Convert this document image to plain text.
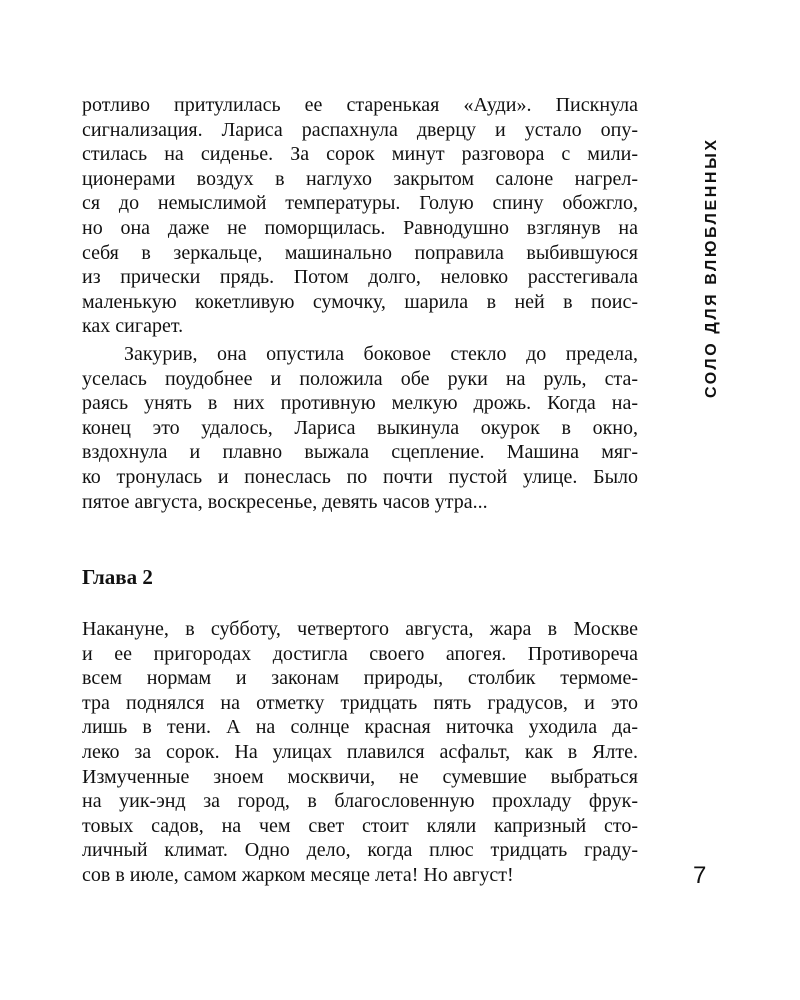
ротливо притулилась ее старенькая «Ауди». Пискнула
сигнализация. Лариса распахнула дверцу и устало опу-
стилась на сиденье. За сорок минут разговора с мили-
ционерами воздух в наглухо закрытом салоне нагрел-
ся до немыслимой температуры. Голую спину обожгло,
но она даже не поморщилась. Равнодушно взглянув на
себя в зеркальце, машинально поправила выбившуюся
из прически прядь. Потом долго, неловко расстегивала
маленькую кокетливую сумочку, шарила в ней в поис-
ках сигарет.
Закурив, она опустила боковое стекло до предела,
уселась поудобнее и положила обе руки на руль, ста-
раясь унять в них противную мелкую дрожь. Когда на-
конец это удалось, Лариса выкинула окурок в окно,
вздохнула и плавно выжала сцепление. Машина мяг-
ко тронулась и понеслась по почти пустой улице. Было
пятое августа, воскресенье, девять часов утра...
Глава 2
Накануне, в субботу, четвертого августа, жара в Москве
и ее пригородах достигла своего апогея. Противореча
всем нормам и законам природы, столбик термоме-
тра поднялся на отметку тридцать пять градусов, и это
лишь в тени. А на солнце красная ниточка уходила да-
леко за сорок. На улицах плавился асфальт, как в Ялте.
Измученные зноем москвичи, не сумевшие выбраться
на уик-энд за город, в благословенную прохладу фрук-
товых садов, на чем свет стоит кляли капризный сто-
личный климат. Одно дело, когда плюс тридцать граду-
сов в июле, самом жарком месяце лета! Но август!
СОЛО ДЛЯ ВЛЮБЛЕННЫХ
7
